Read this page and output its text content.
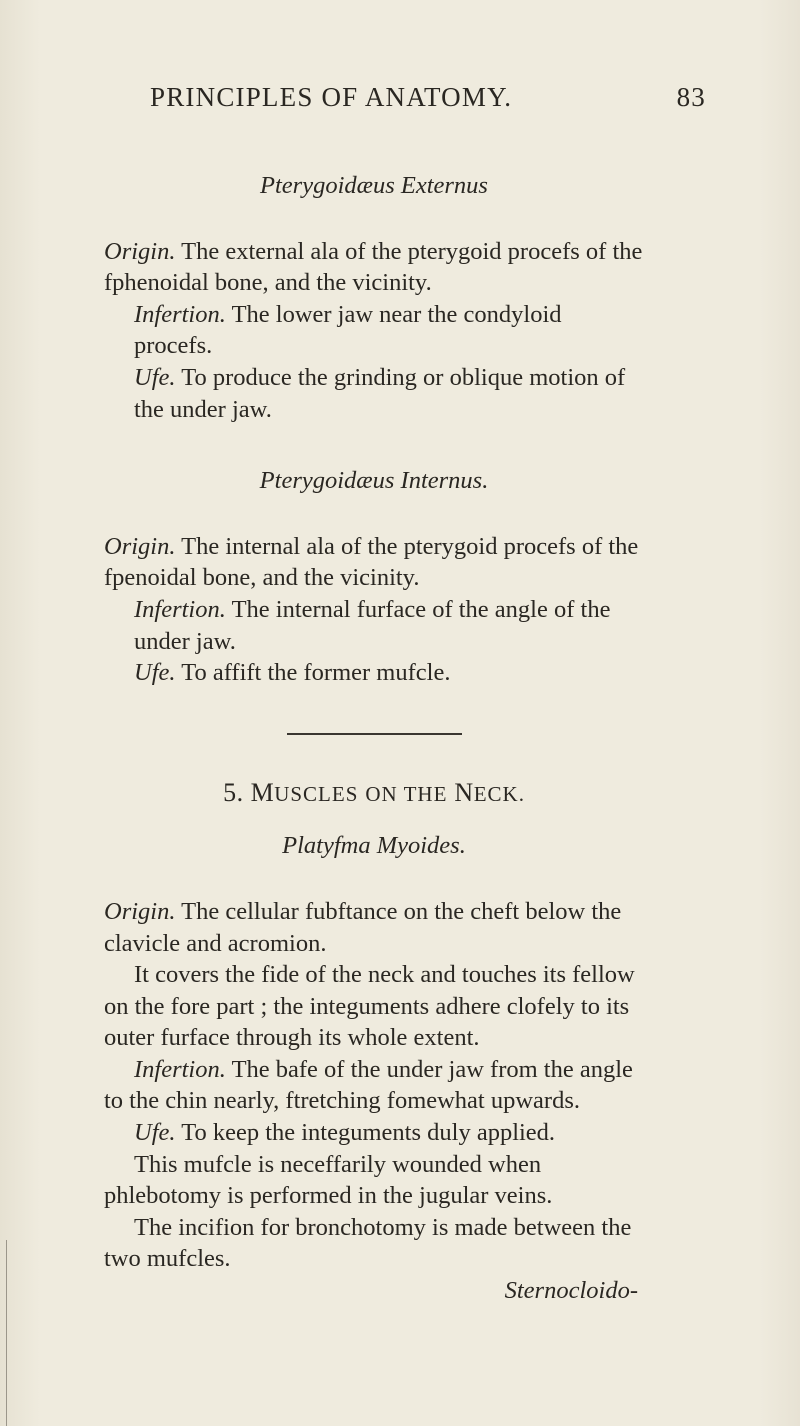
PRINCIPLES OF ANATOMY.	83

Pterygoidæus Externus

Origin. The external ala of the pterygoid procefs of the fphenoidal bone, and the vicinity.

Infertion. The lower jaw near the condyloid procefs.

Ufe. To produce the grinding or oblique motion of the under jaw.

Pterygoidæus Internus.

Origin. The internal ala of the pterygoid procefs of the fpenoidal bone, and the vicinity.

Infertion. The internal furface of the angle of the under jaw.

Ufe. To affift the former mufcle.

5. MUSCLES ON THE NECK.

Platyfma Myoides.

Origin. The cellular fubftance on the cheft below the clavicle and acromion.

It covers the fide of the neck and touches its fellow on the fore part ; the integuments adhere clofely to its outer furface through its whole extent.

Infertion. The bafe of the under jaw from the angle to the chin nearly, ftretching fomewhat upwards.

Ufe. To keep the integuments duly applied.

This mufcle is neceffarily wounded when phlebotomy is performed in the jugular veins.

The incifion for bronchotomy is made between the two mufcles.

Sternocloido-
